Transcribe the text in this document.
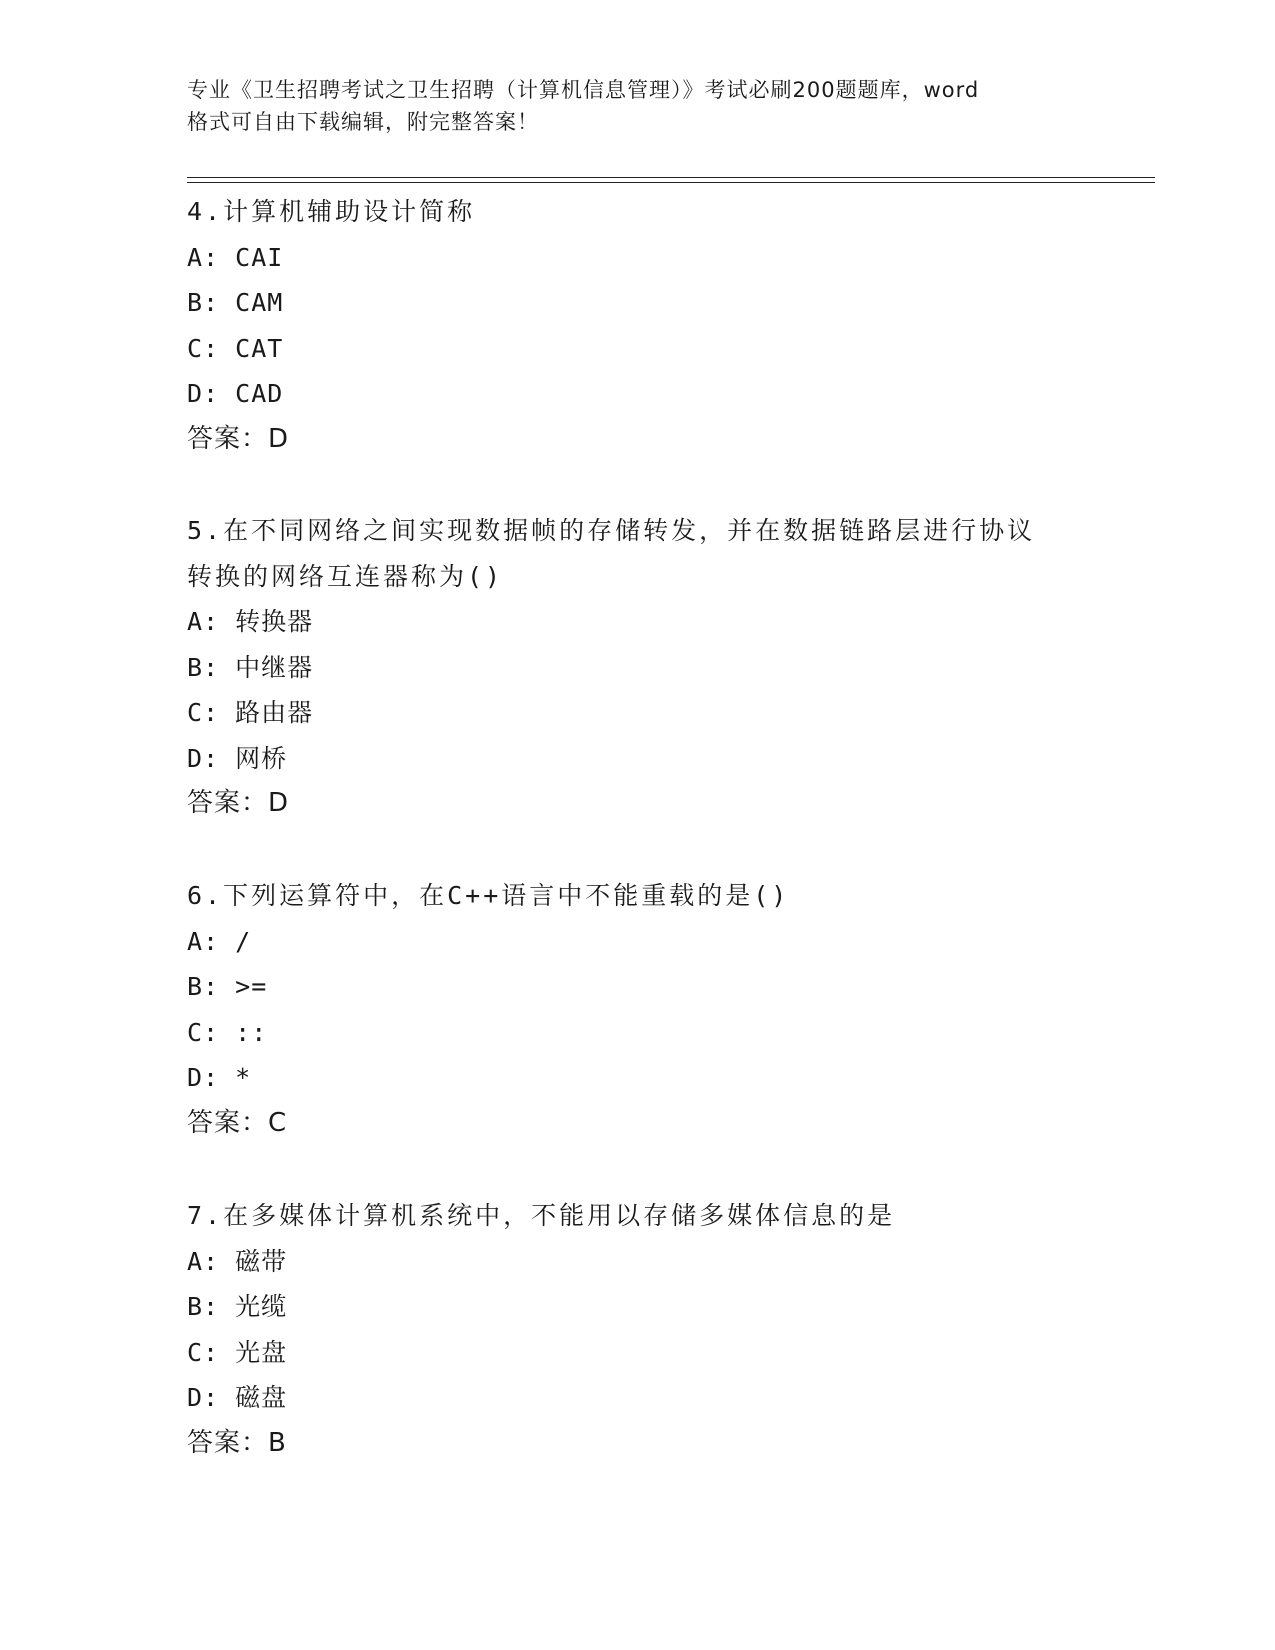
专业《卫生招聘考试之卫生招聘（计算机信息管理）》考试必刷200题题库，word
格式可自由下载编辑，附完整答案！
4.计算机辅助设计简称
A: CAI
B: CAM
C: CAT
D: CAD
答案：D
5.在不同网络之间实现数据帧的存储转发，并在数据链路层进行协议
转换的网络互连器称为()
A: 转换器
B: 中继器
C: 路由器
D: 网桥
答案：D
6.下列运算符中，在C++语言中不能重载的是()
A: /
B: >=
C: ::
D: *
答案：C
7.在多媒体计算机系统中，不能用以存储多媒体信息的是
A: 磁带
B: 光缆
C: 光盘
D: 磁盘
答案：B
